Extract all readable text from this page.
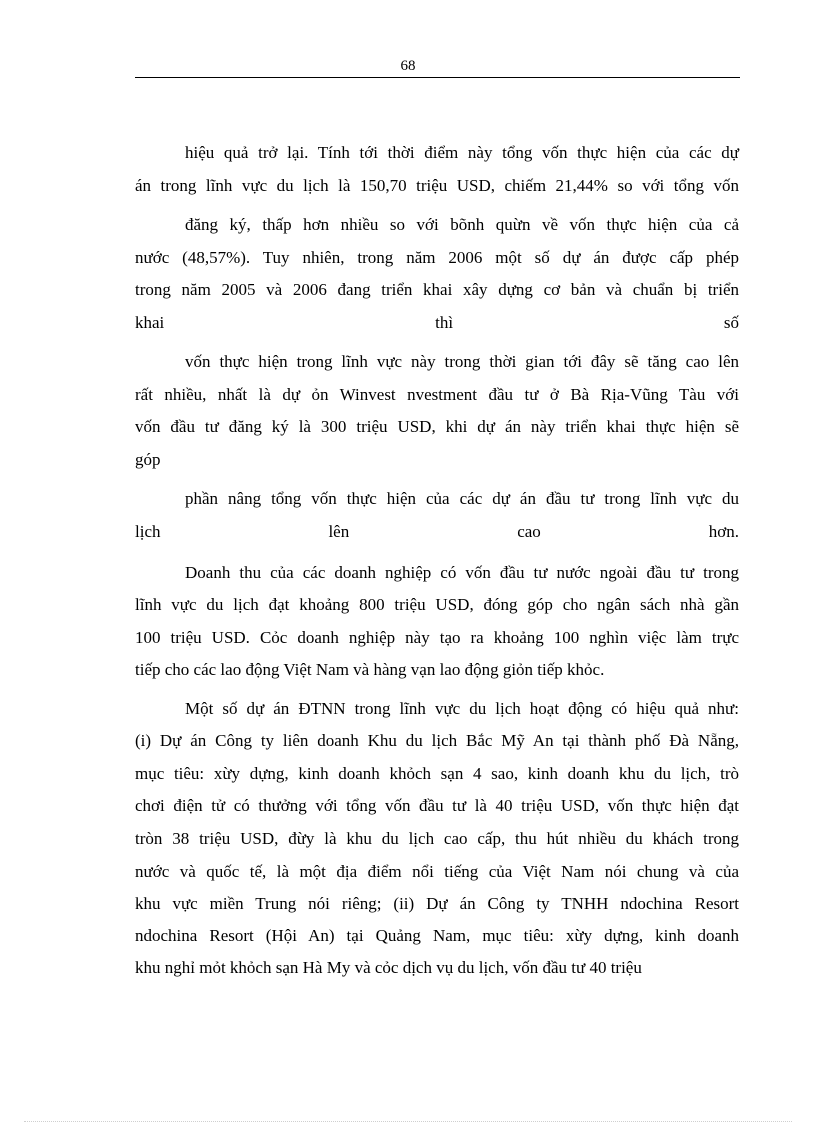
68
hiệu quả trở lại. Tính tới thời điểm này tổng vốn thực hiện của các dự
án trong lĩnh vực du lịch là 150,70 triệu USD, chiếm 21,44% so với tổng vốn
đăng ký, thấp hơn nhiều so với bõnh quừn về vốn thực hiện của cả
nước (48,57%). Tuy nhiên, trong năm 2006 một số dự án được cấp phép
trong năm 2005 và 2006 đang triển khai xây dựng cơ bản và chuẩn bị triển
khai thì số
vốn thực hiện trong lĩnh vực này trong thời gian tới đây sẽ tăng cao lên
rất nhiều, nhất là dự ỏn Winvest nvestment đầu tư ở Bà Rịa-Vũng Tàu với
vốn đầu tư đăng ký là 300 triệu USD, khi dự án này triển khai thực hiện sẽ
góp
phần nâng tổng vốn thực hiện của các dự án đầu tư trong lĩnh vực du
lịch lên cao hơn.
Doanh thu của các doanh nghiệp có vốn đầu tư nước ngoài đầu tư trong
lĩnh vực du lịch đạt khoảng 800 triệu USD, đóng góp cho ngân sách nhà gần
100 triệu USD. Cỏc doanh nghiệp này tạo ra khoảng 100 nghìn việc làm trực
tiếp cho các lao động Việt Nam và hàng vạn lao động giỏn tiếp khỏc.
Một số dự án ĐTNN trong lĩnh vực du lịch hoạt động có hiệu quả như:
(i) Dự án Công ty liên doanh Khu du lịch Bắc Mỹ An tại thành phố Đà Nẵng,
mục tiêu: xừy dựng, kinh doanh khỏch sạn 4 sao, kinh doanh khu du lịch, trò
chơi điện tử có thưởng với tổng vốn đầu tư là 40 triệu USD, vốn thực hiện đạt
tròn 38 triệu USD, đừy là khu du lịch cao cấp, thu hút nhiều du khách trong
nước và quốc tế, là một địa điểm nổi tiếng của Việt Nam nói chung và của
khu vực miền Trung nói riêng; (ii) Dự án Công ty TNHH ndochina Resort
ndochina Resort (Hội An) tại Quảng Nam, mục tiêu: xừy dựng, kinh doanh
khu nghỉ mỏt khỏch sạn Hà My và cỏc dịch vụ du lịch, vốn đầu tư 40 triệu
